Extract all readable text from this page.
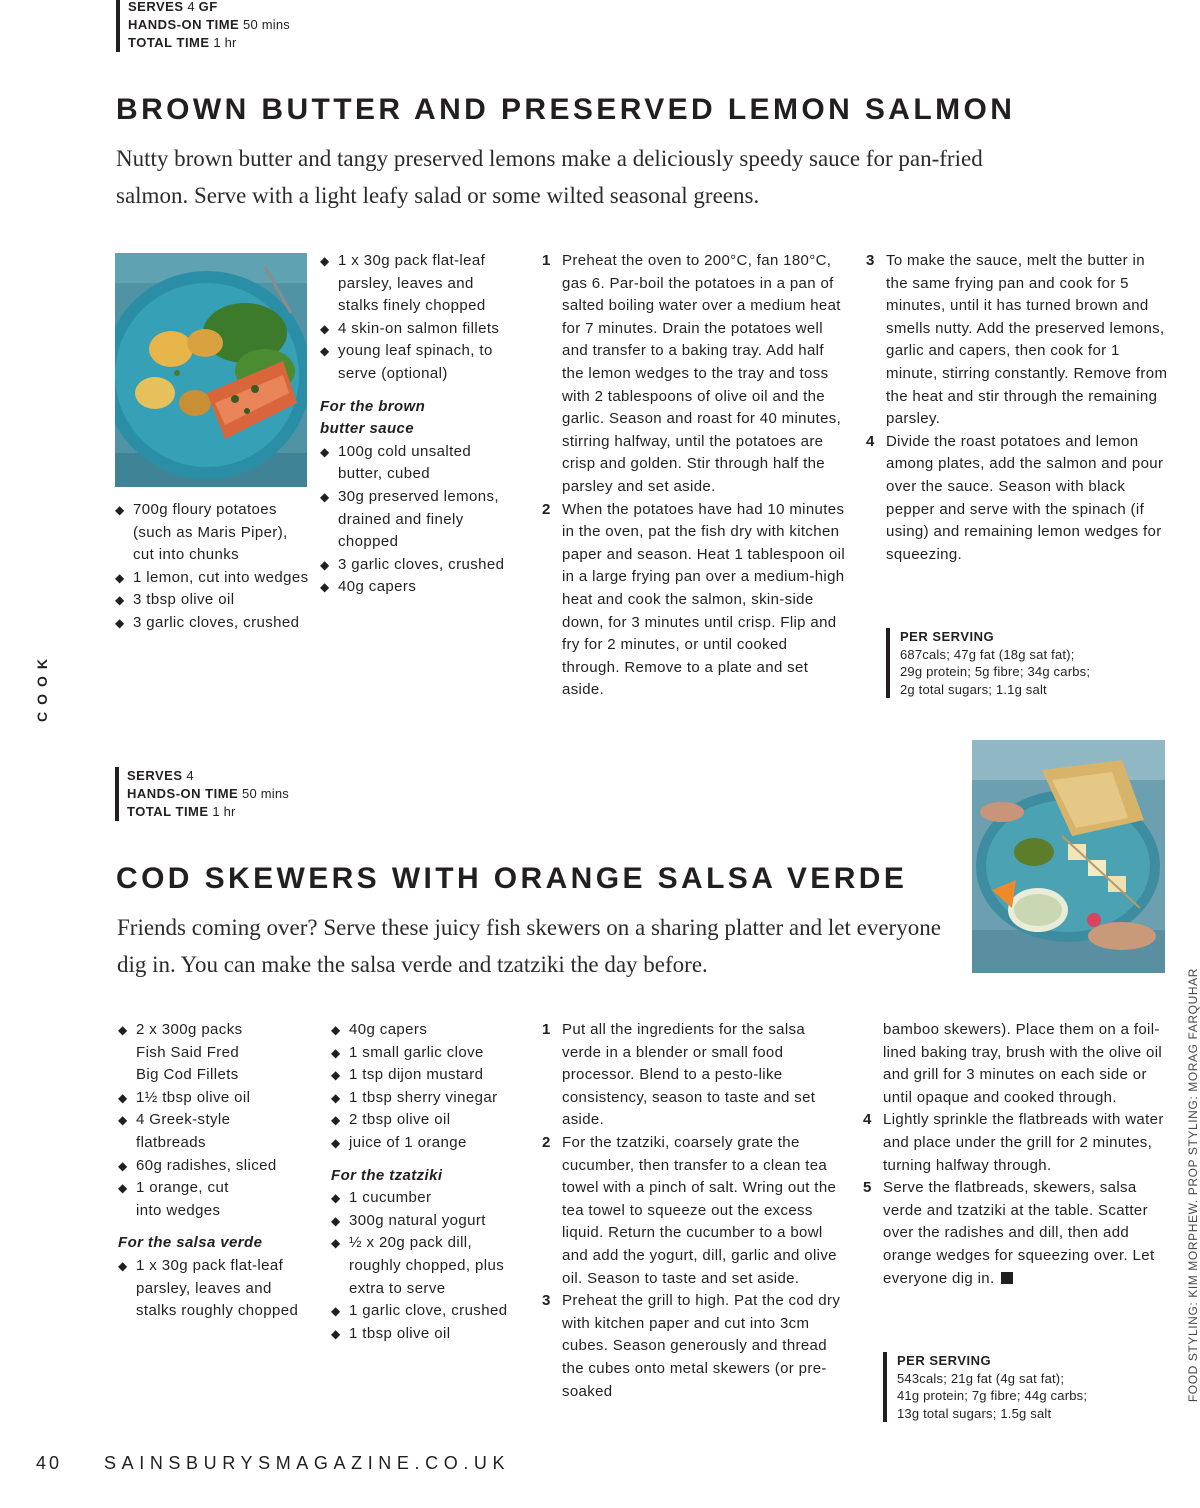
SERVES 4 GF
HANDS-ON TIME 50 mins
TOTAL TIME 1 hr
BROWN BUTTER AND PRESERVED LEMON SALMON
Nutty brown butter and tangy preserved lemons make a deliciously speedy sauce for pan-fried salmon. Serve with a light leafy salad or some wilted seasonal greens.
◆ 700g floury potatoes (such as Maris Piper), cut into chunks
◆ 1 lemon, cut into wedges
◆ 3 tbsp olive oil
◆ 3 garlic cloves, crushed
◆ 1 x 30g pack flat-leaf parsley, leaves and stalks finely chopped
◆ 4 skin-on salmon fillets
◆ young leaf spinach, to serve (optional)
For the brown butter sauce
◆ 100g cold unsalted butter, cubed
◆ 30g preserved lemons, drained and finely chopped
◆ 3 garlic cloves, crushed
◆ 40g capers
1 Preheat the oven to 200°C, fan 180°C, gas 6. Par-boil the potatoes in a pan of salted boiling water over a medium heat for 7 minutes. Drain the potatoes well and transfer to a baking tray. Add half the lemon wedges to the tray and toss with 2 tablespoons of olive oil and the garlic. Season and roast for 40 minutes, stirring halfway, until the potatoes are crisp and golden. Stir through half the parsley and set aside.
2 When the potatoes have had 10 minutes in the oven, pat the fish dry with kitchen paper and season. Heat 1 tablespoon oil in a large frying pan over a medium-high heat and cook the salmon, skin-side down, for 3 minutes until crisp. Flip and fry for 2 minutes, or until cooked through. Remove to a plate and set aside.
3 To make the sauce, melt the butter in the same frying pan and cook for 5 minutes, until it has turned brown and smells nutty. Add the preserved lemons, garlic and capers, then cook for 1 minute, stirring constantly. Remove from the heat and stir through the remaining parsley.
4 Divide the roast potatoes and lemon among plates, add the salmon and pour over the sauce. Season with black pepper and serve with the spinach (if using) and remaining lemon wedges for squeezing.
PER SERVING
687cals; 47g fat (18g sat fat);
29g protein; 5g fibre; 34g carbs;
2g total sugars; 1.1g salt
COOK
SERVES 4
HANDS-ON TIME 50 mins
TOTAL TIME 1 hr
COD SKEWERS WITH ORANGE SALSA VERDE
Friends coming over? Serve these juicy fish skewers on a sharing platter and let everyone dig in. You can make the salsa verde and tzatziki the day before.
◆ 2 x 300g packs Fish Said Fred Big Cod Fillets
◆ 1½ tbsp olive oil
◆ 4 Greek-style flatbreads
◆ 60g radishes, sliced
◆ 1 orange, cut into wedges
For the salsa verde
◆ 1 x 30g pack flat-leaf parsley, leaves and stalks roughly chopped
◆ 40g capers
◆ 1 small garlic clove
◆ 1 tsp dijon mustard
◆ 1 tbsp sherry vinegar
◆ 2 tbsp olive oil
◆ juice of 1 orange
For the tzatziki
◆ 1 cucumber
◆ 300g natural yogurt
◆ ½ x 20g pack dill, roughly chopped, plus extra to serve
◆ 1 garlic clove, crushed
◆ 1 tbsp olive oil
1 Put all the ingredients for the salsa verde in a blender or small food processor. Blend to a pesto-like consistency, season to taste and set aside.
2 For the tzatziki, coarsely grate the cucumber, then transfer to a clean tea towel with a pinch of salt. Wring out the tea towel to squeeze out the excess liquid. Return the cucumber to a bowl and add the yogurt, dill, garlic and olive oil. Season to taste and set aside.
3 Preheat the grill to high. Pat the cod dry with kitchen paper and cut into 3cm cubes. Season generously and thread the cubes onto metal skewers (or pre-soaked
bamboo skewers). Place them on a foil-lined baking tray, brush with the olive oil and grill for 3 minutes on each side or until opaque and cooked through.
4 Lightly sprinkle the flatbreads with water and place under the grill for 2 minutes, turning halfway through.
5 Serve the flatbreads, skewers, salsa verde and tzatziki at the table. Scatter over the radishes and dill, then add orange wedges for squeezing over. Let everyone dig in.
PER SERVING
543cals; 21g fat (4g sat fat);
41g protein; 7g fibre; 44g carbs;
13g total sugars; 1.5g salt
FOOD STYLING: KIM MORPHEW. PROP STYLING: MORAG FARQUHAR
40 SAINSBURYSMAGAZINE.CO.UK
